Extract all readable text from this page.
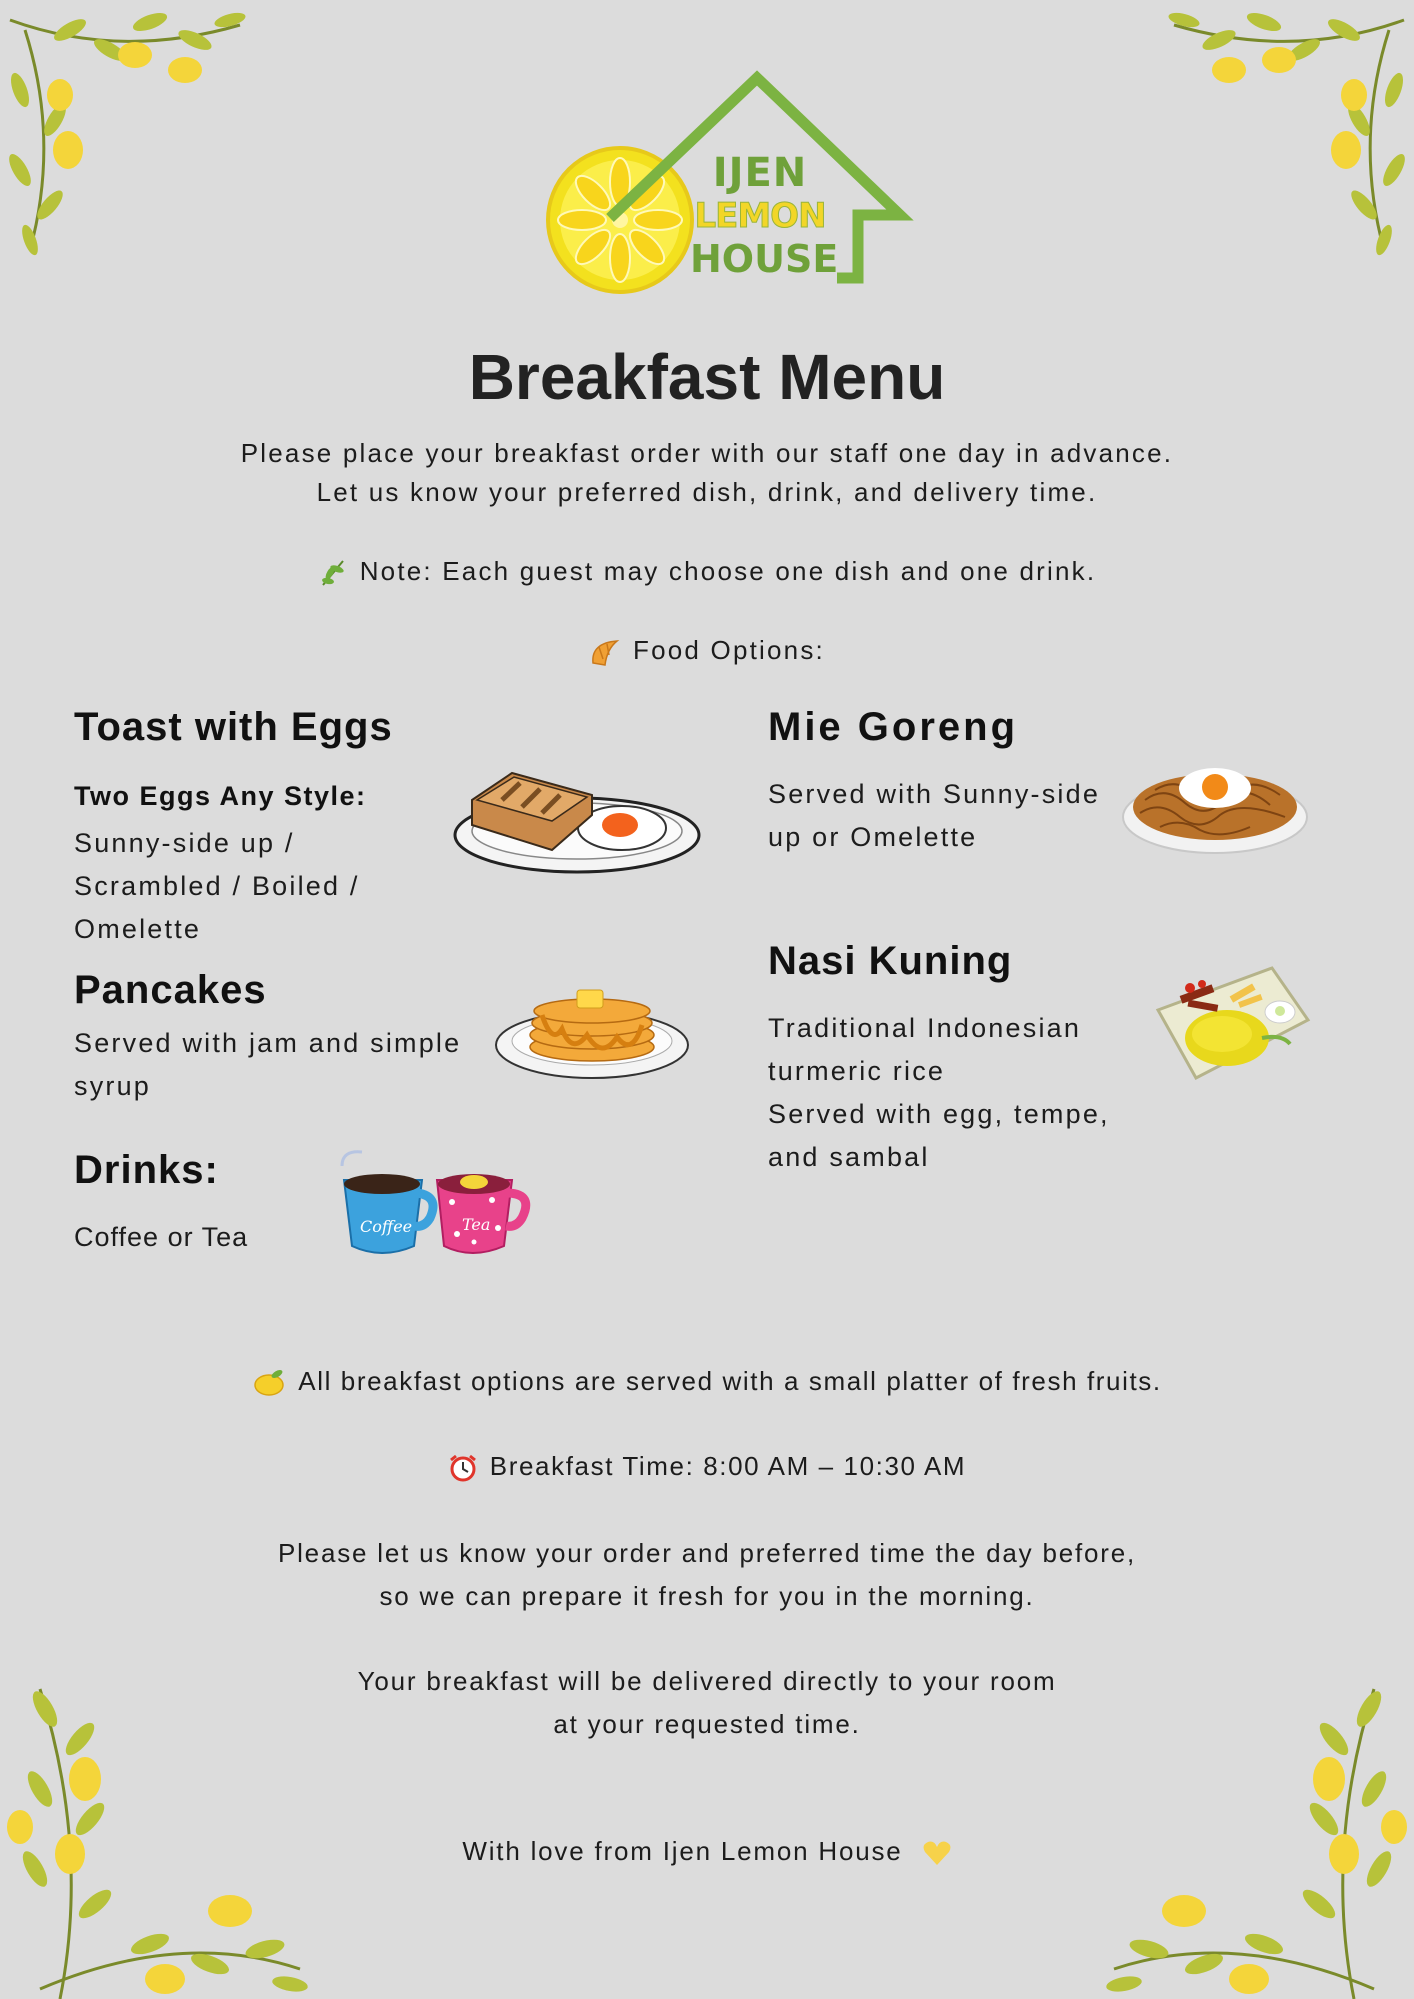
IJEN
LEMON
HOUSE
Breakfast Menu
Please place your breakfast order with our staff one day in advance.
Let us know your preferred dish, drink, and delivery time.
Note: Each guest may choose one dish and one drink.
Food Options:
Toast with Eggs
Two Eggs Any Style:
Sunny-side up /
Scrambled / Boiled /
Omelette
Pancakes
Served with jam and simple
syrup
Drinks:
Coffee or Tea	Coffee	Tea
Mie Goreng
Served with Sunny-side
up or Omelette
Nasi Kuning
Traditional Indonesian
turmeric rice
Served with egg, tempe,
and sambal
All breakfast options are served with a small platter of fresh fruits.
Breakfast Time: 8:00 AM – 10:30 AM
Please let us know your order and preferred time the day before,
so we can prepare it fresh for you in the morning.
Your breakfast will be delivered directly to your room
at your requested time.
With love from Ijen Lemon House
